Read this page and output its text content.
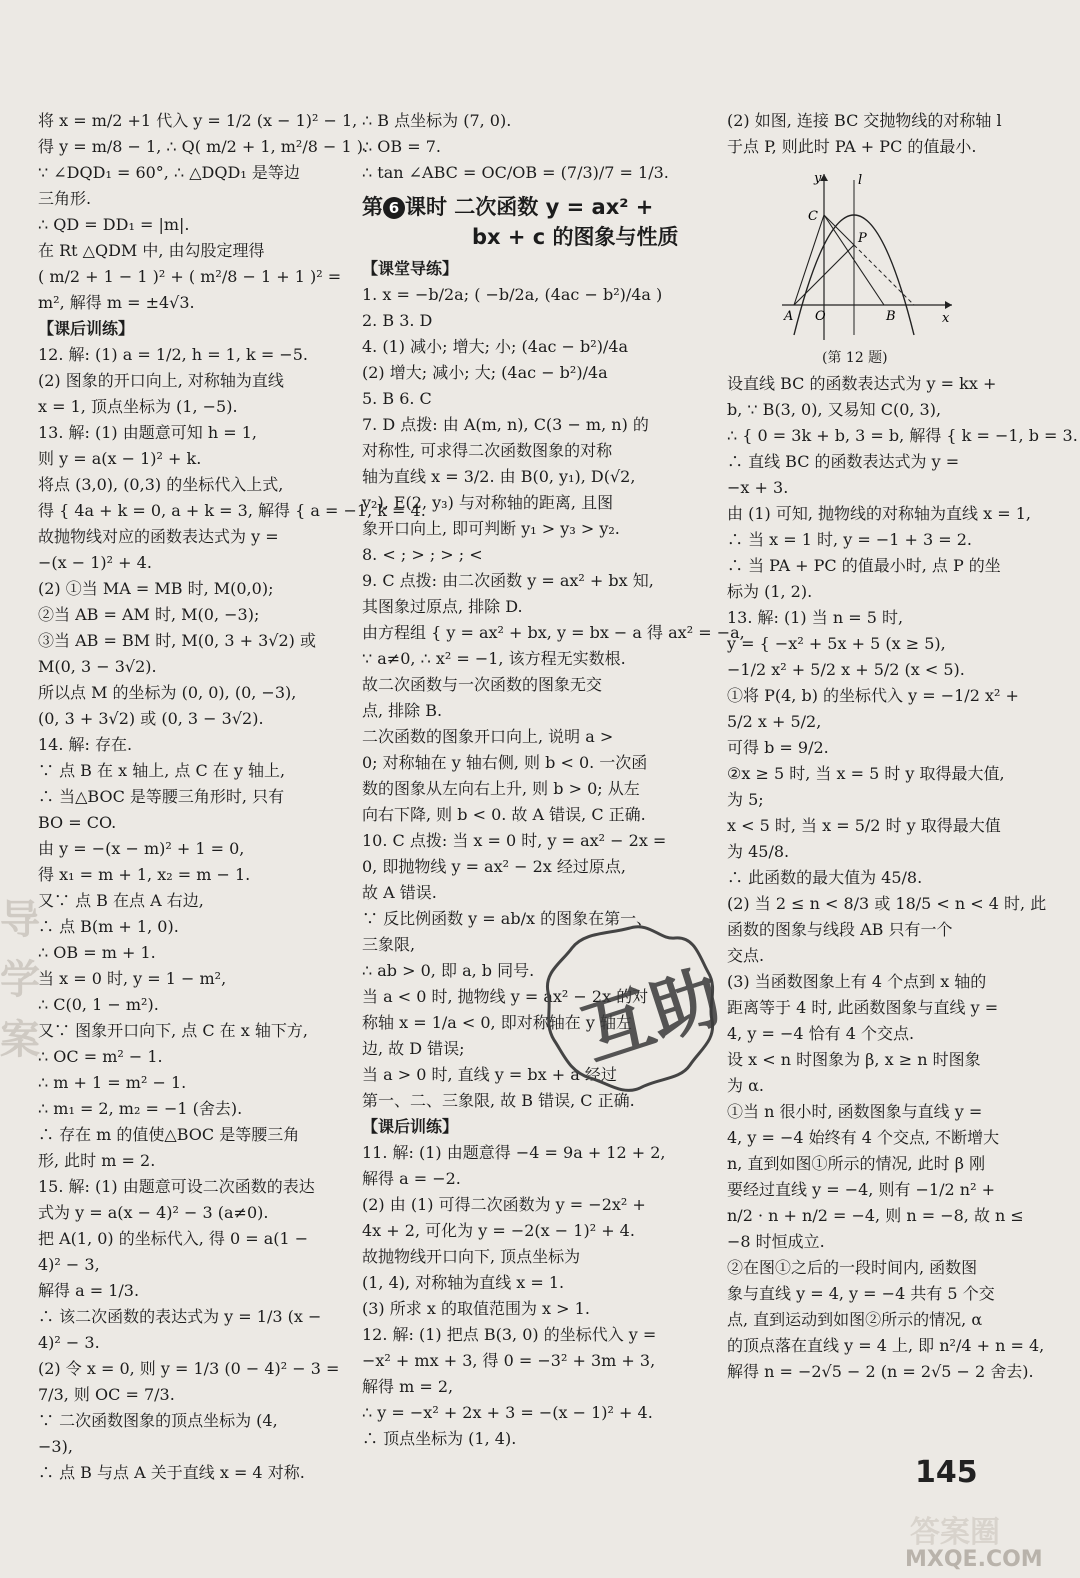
导学案
将 x = m/2 +1 代入 y = 1/2 (x − 1)² − 1,
得 y = m/8 − 1, ∴ Q( m/2 + 1, m²/8 − 1 ).
∵ ∠DQD₁ = 60°, ∴ △DQD₁ 是等边
三角形.
∴ QD = DD₁ = |m|.
在 Rt △QDM 中, 由勾股定理得
( m/2 + 1 − 1 )² + ( m²/8 − 1 + 1 )² =
m², 解得 m = ±4√3.
【课后训练】
12. 解: (1) a = 1/2, h = 1, k = −5.
(2) 图象的开口向上, 对称轴为直线
x = 1, 顶点坐标为 (1, −5).
13. 解: (1) 由题意可知 h = 1,
则 y = a(x − 1)² + k.
将点 (3,0), (0,3) 的坐标代入上式,
得 { 4a + k = 0, a + k = 3, 解得 { a = −1, k = 4.
故抛物线对应的函数表达式为 y =
−(x − 1)² + 4.
(2) ①当 MA = MB 时, M(0,0);
②当 AB = AM 时, M(0, −3);
③当 AB = BM 时, M(0, 3 + 3√2) 或
M(0, 3 − 3√2).
所以点 M 的坐标为 (0, 0), (0, −3),
(0, 3 + 3√2) 或 (0, 3 − 3√2).
14. 解: 存在.
∵ 点 B 在 x 轴上, 点 C 在 y 轴上,
∴ 当△BOC 是等腰三角形时, 只有
BO = CO.
由 y = −(x − m)² + 1 = 0,
得 x₁ = m + 1, x₂ = m − 1.
又∵ 点 B 在点 A 右边,
∴ 点 B(m + 1, 0).
∴ OB = m + 1.
当 x = 0 时, y = 1 − m²,
∴ C(0, 1 − m²).
又∵ 图象开口向下, 点 C 在 x 轴下方,
∴ OC = m² − 1.
∴ m + 1 = m² − 1.
∴ m₁ = 2, m₂ = −1 (舍去).
∴ 存在 m 的值使△BOC 是等腰三角
形, 此时 m = 2.
15. 解: (1) 由题意可设二次函数的表达
式为 y = a(x − 4)² − 3 (a≠0).
把 A(1, 0) 的坐标代入, 得 0 = a(1 −
4)² − 3,
解得 a = 1/3.
∴ 该二次函数的表达式为 y = 1/3 (x −
4)² − 3.
(2) 令 x = 0, 则 y = 1/3 (0 − 4)² − 3 =
7/3, 则 OC = 7/3.
∵ 二次函数图象的顶点坐标为 (4,
−3),
∴ 点 B 与点 A 关于直线 x = 4 对称.
∴ B 点坐标为 (7, 0).
∴ OB = 7.
∴ tan ∠ABC = OC/OB = (7/3)/7 = 1/3.
第 6 课时 二次函数 y = ax² +
bx + c 的图象与性质
【课堂导练】
1. x = −b/2a; ( −b/2a, (4ac − b²)/4a )
2. B 3. D
4. (1) 减小; 增大; 小; (4ac − b²)/4a
(2) 增大; 减小; 大; (4ac − b²)/4a
5. B 6. C
7. D 点拨: 由 A(m, n), C(3 − m, n) 的
对称性, 可求得二次函数图象的对称
轴为直线 x = 3/2. 由 B(0, y₁), D(√2,
y₂), E(2, y₃) 与对称轴的距离, 且图
象开口向上, 即可判断 y₁ > y₃ > y₂.
8. < ; > ; > ; <
9. C 点拨: 由二次函数 y = ax² + bx 知,
其图象过原点, 排除 D.
由方程组 { y = ax² + bx, y = bx − a 得 ax² = −a,
∵ a≠0, ∴ x² = −1, 该方程无实数根.
故二次函数与一次函数的图象无交
点, 排除 B.
二次函数的图象开口向上, 说明 a >
0; 对称轴在 y 轴右侧, 则 b < 0. 一次函
数的图象从左向右上升, 则 b > 0; 从左
向右下降, 则 b < 0. 故 A 错误, C 正确.
10. C 点拨: 当 x = 0 时, y = ax² − 2x =
0, 即抛物线 y = ax² − 2x 经过原点,
故 A 错误.
∵ 反比例函数 y = ab/x 的图象在第一、
三象限,
∴ ab > 0, 即 a, b 同号.
当 a < 0 时, 抛物线 y = ax² − 2x 的对
称轴 x = 1/a < 0, 即对称轴在 y 轴左
边, 故 D 错误;
当 a > 0 时, 直线 y = bx + a 经过
第一、二、三象限, 故 B 错误, C 正确.
【课后训练】
11. 解: (1) 由题意得 −4 = 9a + 12 + 2,
解得 a = −2.
(2) 由 (1) 可得二次函数为 y = −2x² +
4x + 2, 可化为 y = −2(x − 1)² + 4.
故抛物线开口向下, 顶点坐标为
(1, 4), 对称轴为直线 x = 1.
(3) 所求 x 的取值范围为 x > 1.
12. 解: (1) 把点 B(3, 0) 的坐标代入 y =
−x² + mx + 3, 得 0 = −3² + 3m + 3,
解得 m = 2,
∴ y = −x² + 2x + 3 = −(x − 1)² + 4.
∴ 顶点坐标为 (1, 4).
(2) 如图, 连接 BC 交抛物线的对称轴 l
于点 P, 则此时 PA + PC 的值最小.
y	l
x
C
P
A O	B
(第 12 题)
设直线 BC 的函数表达式为 y = kx +
b, ∵ B(3, 0), 又易知 C(0, 3),
∴ { 0 = 3k + b, 3 = b, 解得 { k = −1, b = 3.
∴ 直线 BC 的函数表达式为 y =
−x + 3.
由 (1) 可知, 抛物线的对称轴为直线 x = 1,
∴ 当 x = 1 时, y = −1 + 3 = 2.
∴ 当 PA + PC 的值最小时, 点 P 的坐
标为 (1, 2).
13. 解: (1) 当 n = 5 时,
y = { −x² + 5x + 5 (x ≥ 5),
−1/2 x² + 5/2 x + 5/2 (x < 5).
①将 P(4, b) 的坐标代入 y = −1/2 x² +
5/2 x + 5/2,
可得 b = 9/2.
②x ≥ 5 时, 当 x = 5 时 y 取得最大值,
为 5;
x < 5 时, 当 x = 5/2 时 y 取得最大值
为 45/8.
∴ 此函数的最大值为 45/8.
(2) 当 2 ≤ n < 8/3 或 18/5 < n < 4 时, 此
函数的图象与线段 AB 只有一个
交点.
(3) 当函数图象上有 4 个点到 x 轴的
距离等于 4 时, 此函数图象与直线 y =
4, y = −4 恰有 4 个交点.
设 x < n 时图象为 β, x ≥ n 时图象
为 α.
①当 n 很小时, 函数图象与直线 y =
4, y = −4 始终有 4 个交点, 不断增大
n, 直到如图①所示的情况, 此时 β 刚
要经过直线 y = −4, 则有 −1/2 n² +
n/2 · n + n/2 = −4, 则 n = −8, 故 n ≤
−8 时恒成立.
②在图①之后的一段时间内, 函数图
象与直线 y = 4, y = −4 共有 5 个交
点, 直到运动到如图②所示的情况, α
的顶点落在直线 y = 4 上, 即 n²/4 + n = 4,
解得 n = −2√5 − 2 (n = 2√5 − 2 舍去).
互助
145
答案圈
MXQE.COM
